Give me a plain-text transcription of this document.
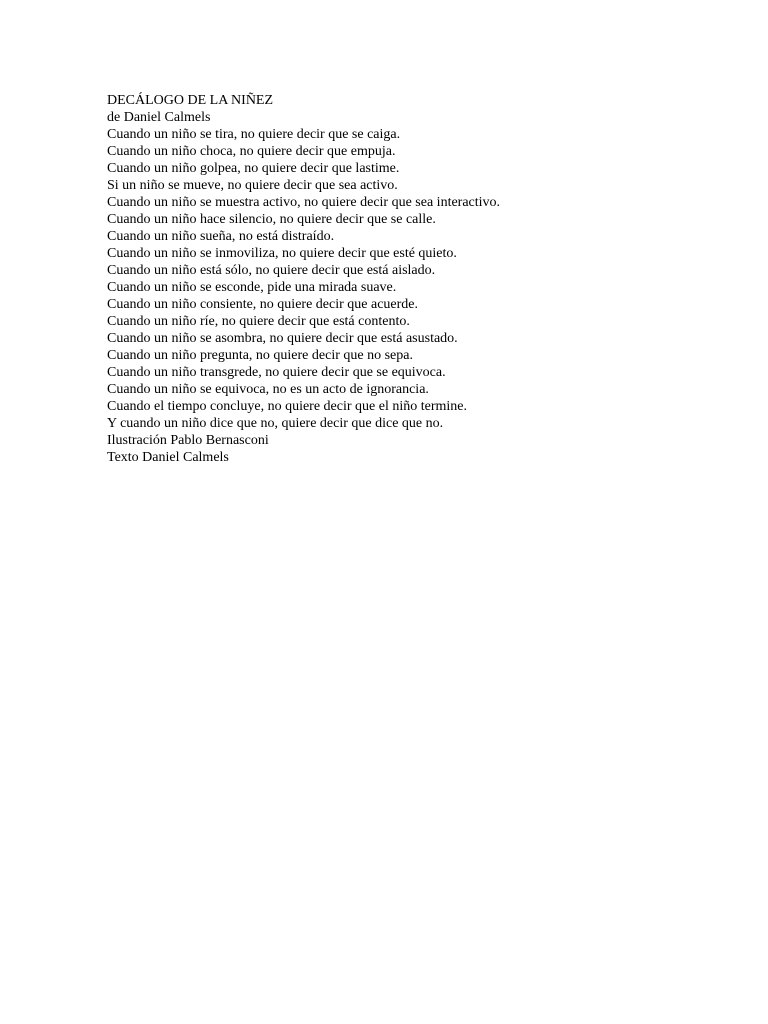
DECÁLOGO DE LA NIÑEZ
de Daniel Calmels
Cuando un niño se tira, no quiere decir que se caiga.
Cuando un niño choca, no quiere decir que empuja.
Cuando un niño golpea, no quiere decir que lastime.
Si un niño se mueve, no quiere decir que sea activo.
Cuando un niño se muestra activo, no quiere decir que sea interactivo.
Cuando un niño hace silencio, no quiere decir que se calle.
Cuando un niño sueña, no está distraído.
Cuando un niño se inmoviliza, no quiere decir que esté quieto.
Cuando un niño está sólo, no quiere decir que está aislado.
Cuando un niño se esconde, pide una mirada suave.
Cuando un niño consiente, no quiere decir que acuerde.
Cuando un niño ríe, no quiere decir que está contento.
Cuando un niño se asombra, no quiere decir que está asustado.
Cuando un niño pregunta, no quiere decir que no sepa.
Cuando un niño transgrede, no quiere decir que se equivoca.
Cuando un niño se equivoca, no es un acto de ignorancia.
Cuando el tiempo concluye, no quiere decir que el niño termine.
Y cuando un niño dice que no, quiere decir que dice que no.
Ilustración Pablo Bernasconi
Texto Daniel Calmels
